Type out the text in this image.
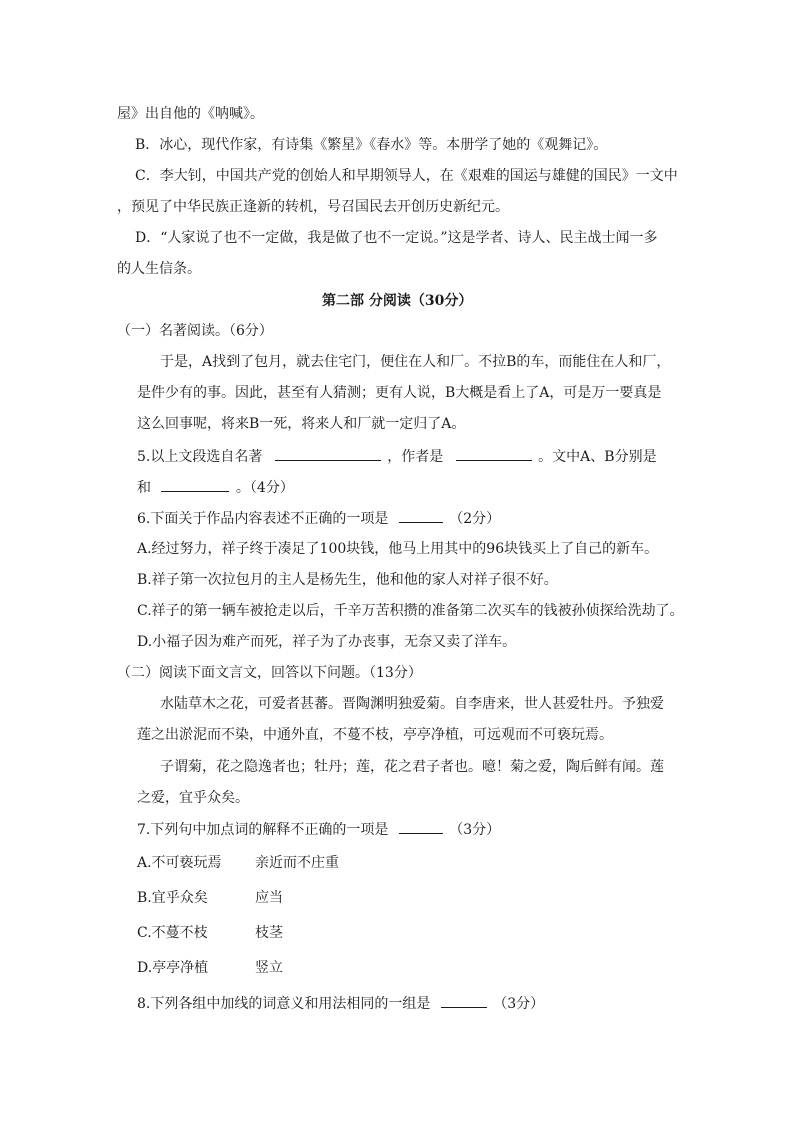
屋》出自他的《呐喊》。
B．冰心，现代作家，有诗集《繁星》《春水》等。本册学了她的《观舞记》。
C．李大钊，中国共产党的创始人和早期领导人，在《艰难的国运与雄健的国民》一文中
，预见了中华民族正逢新的转机，号召国民去开创历史新纪元。
D．“人家说了也不一定做，我是做了也不一定说。”这是学者、诗人、民主战士闻一多
的人生信条。
第二部 分阅读（30分）
（一）名著阅读。（6分）
于是，A找到了包月，就去住宅门，便住在人和厂。不拉B的车，而能住在人和厂，
是件少有的事。因此，甚至有人猜测；更有人说，B大概是看上了A，可是万一要真是
这么回事呢，将来B一死，将来人和厂就一定归了A。
5.以上文段选自名著	，作者是	。文中A、B分别是
和	。（4分）
6.下面关于作品内容表述不正确的一项是	（2分）
A.经过努力，祥子终于凑足了100块钱，他马上用其中的96块钱买上了自己的新车。
B.祥子第一次拉包月的主人是杨先生，他和他的家人对祥子很不好。
C.祥子的第一辆车被抢走以后，千辛万苦积攒的准备第二次买车的钱被孙侦探给洗劫了。
D.小福子因为难产而死，祥子为了办丧事，无奈又卖了洋车。
（二）阅读下面文言文，回答以下问题。（13分）
水陆草木之花，可爱者甚蕃。晋陶渊明独爱菊。自李唐来，世人甚爱牡丹。予独爱
莲之出淤泥而不染，中通外直，不蔓不枝，亭亭净植，可远观而不可亵玩焉。
子谓菊，花之隐逸者也；牡丹；莲，花之君子者也。噫！菊之爱，陶后鲜有闻。莲
之爱，宜乎众矣。
7.下列句中加点词的解释不正确的一项是	（3分）
A.不可亵玩焉 亲近而不庄重
B.宜乎众矣	应当
C.不蔓不枝	枝茎
D.亭亭净植	竖立
8.下列各组中加线的词意义和用法相同的一组是	（3分）
